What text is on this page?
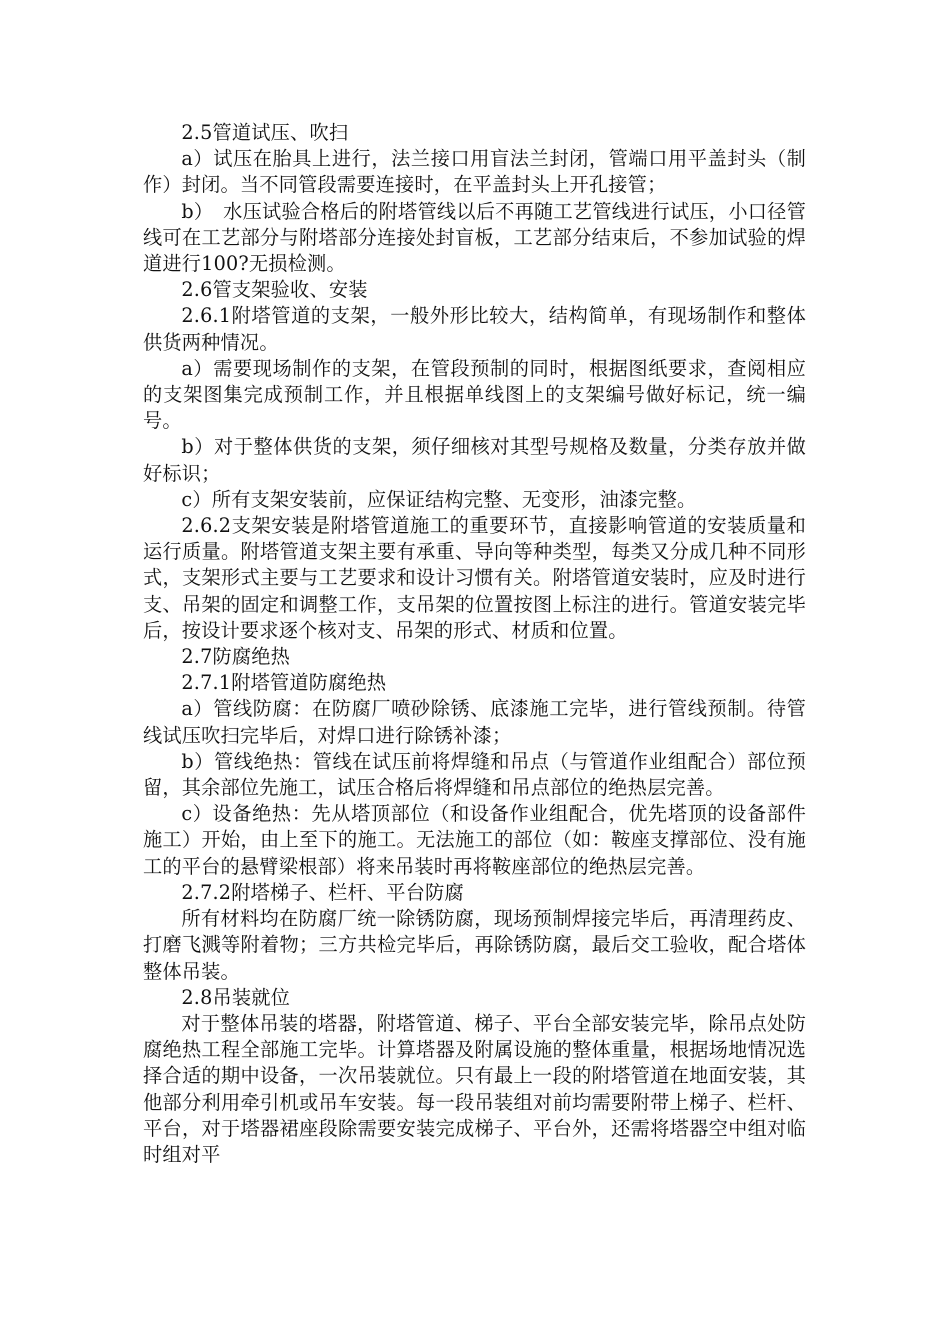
2.5管道试压、吹扫

a）试压在胎具上进行，法兰接口用盲法兰封闭，管端口用平盖封头（制作）封闭。当不同管段需要连接时，在平盖封头上开孔接管；

b）　水压试验合格后的附塔管线以后不再随工艺管线进行试压，小口径管线可在工艺部分与附塔部分连接处封盲板，工艺部分结束后，不参加试验的焊道进行100?无损检测。

2.6管支架验收、安装

2.6.1附塔管道的支架，一般外形比较大，结构简单，有现场制作和整体供货两种情况。

a）需要现场制作的支架，在管段预制的同时，根据图纸要求，查阅相应的支架图集完成预制工作，并且根据单线图上的支架编号做好标记，统一编号。

b）对于整体供货的支架，须仔细核对其型号规格及数量，分类存放并做好标识；

c）所有支架安装前，应保证结构完整、无变形，油漆完整。

2.6.2支架安装是附塔管道施工的重要环节，直接影响管道的安装质量和运行质量。附塔管道支架主要有承重、导向等种类型，每类又分成几种不同形式，支架形式主要与工艺要求和设计习惯有关。附塔管道安装时，应及时进行支、吊架的固定和调整工作，支吊架的位置按图上标注的进行。管道安装完毕后，按设计要求逐个核对支、吊架的形式、材质和位置。

2.7防腐绝热

2.7.1附塔管道防腐绝热

a）管线防腐：在防腐厂喷砂除锈、底漆施工完毕，进行管线预制。待管线试压吹扫完毕后，对焊口进行除锈补漆；

b）管线绝热：管线在试压前将焊缝和吊点（与管道作业组配合）部位预留，其余部位先施工，试压合格后将焊缝和吊点部位的绝热层完善。

c）设备绝热：先从塔顶部位（和设备作业组配合，优先塔顶的设备部件施工）开始，由上至下的施工。无法施工的部位（如：鞍座支撑部位、没有施工的平台的悬臂梁根部）将来吊装时再将鞍座部位的绝热层完善。

2.7.2附塔梯子、栏杆、平台防腐

所有材料均在防腐厂统一除锈防腐，现场预制焊接完毕后，再清理药皮、打磨飞溅等附着物；三方共检完毕后，再除锈防腐，最后交工验收，配合塔体整体吊装。

2.8吊装就位

对于整体吊装的塔器，附塔管道、梯子、平台全部安装完毕，除吊点处防腐绝热工程全部施工完毕。计算塔器及附属设施的整体重量，根据场地情况选择合适的期中设备，一次吊装就位。只有最上一段的附塔管道在地面安装，其他部分利用牵引机或吊车安装。每一段吊装组对前均需要附带上梯子、栏杆、平台，对于塔器裙座段除需要安装完成梯子、平台外，还需将塔器空中组对临时组对平
